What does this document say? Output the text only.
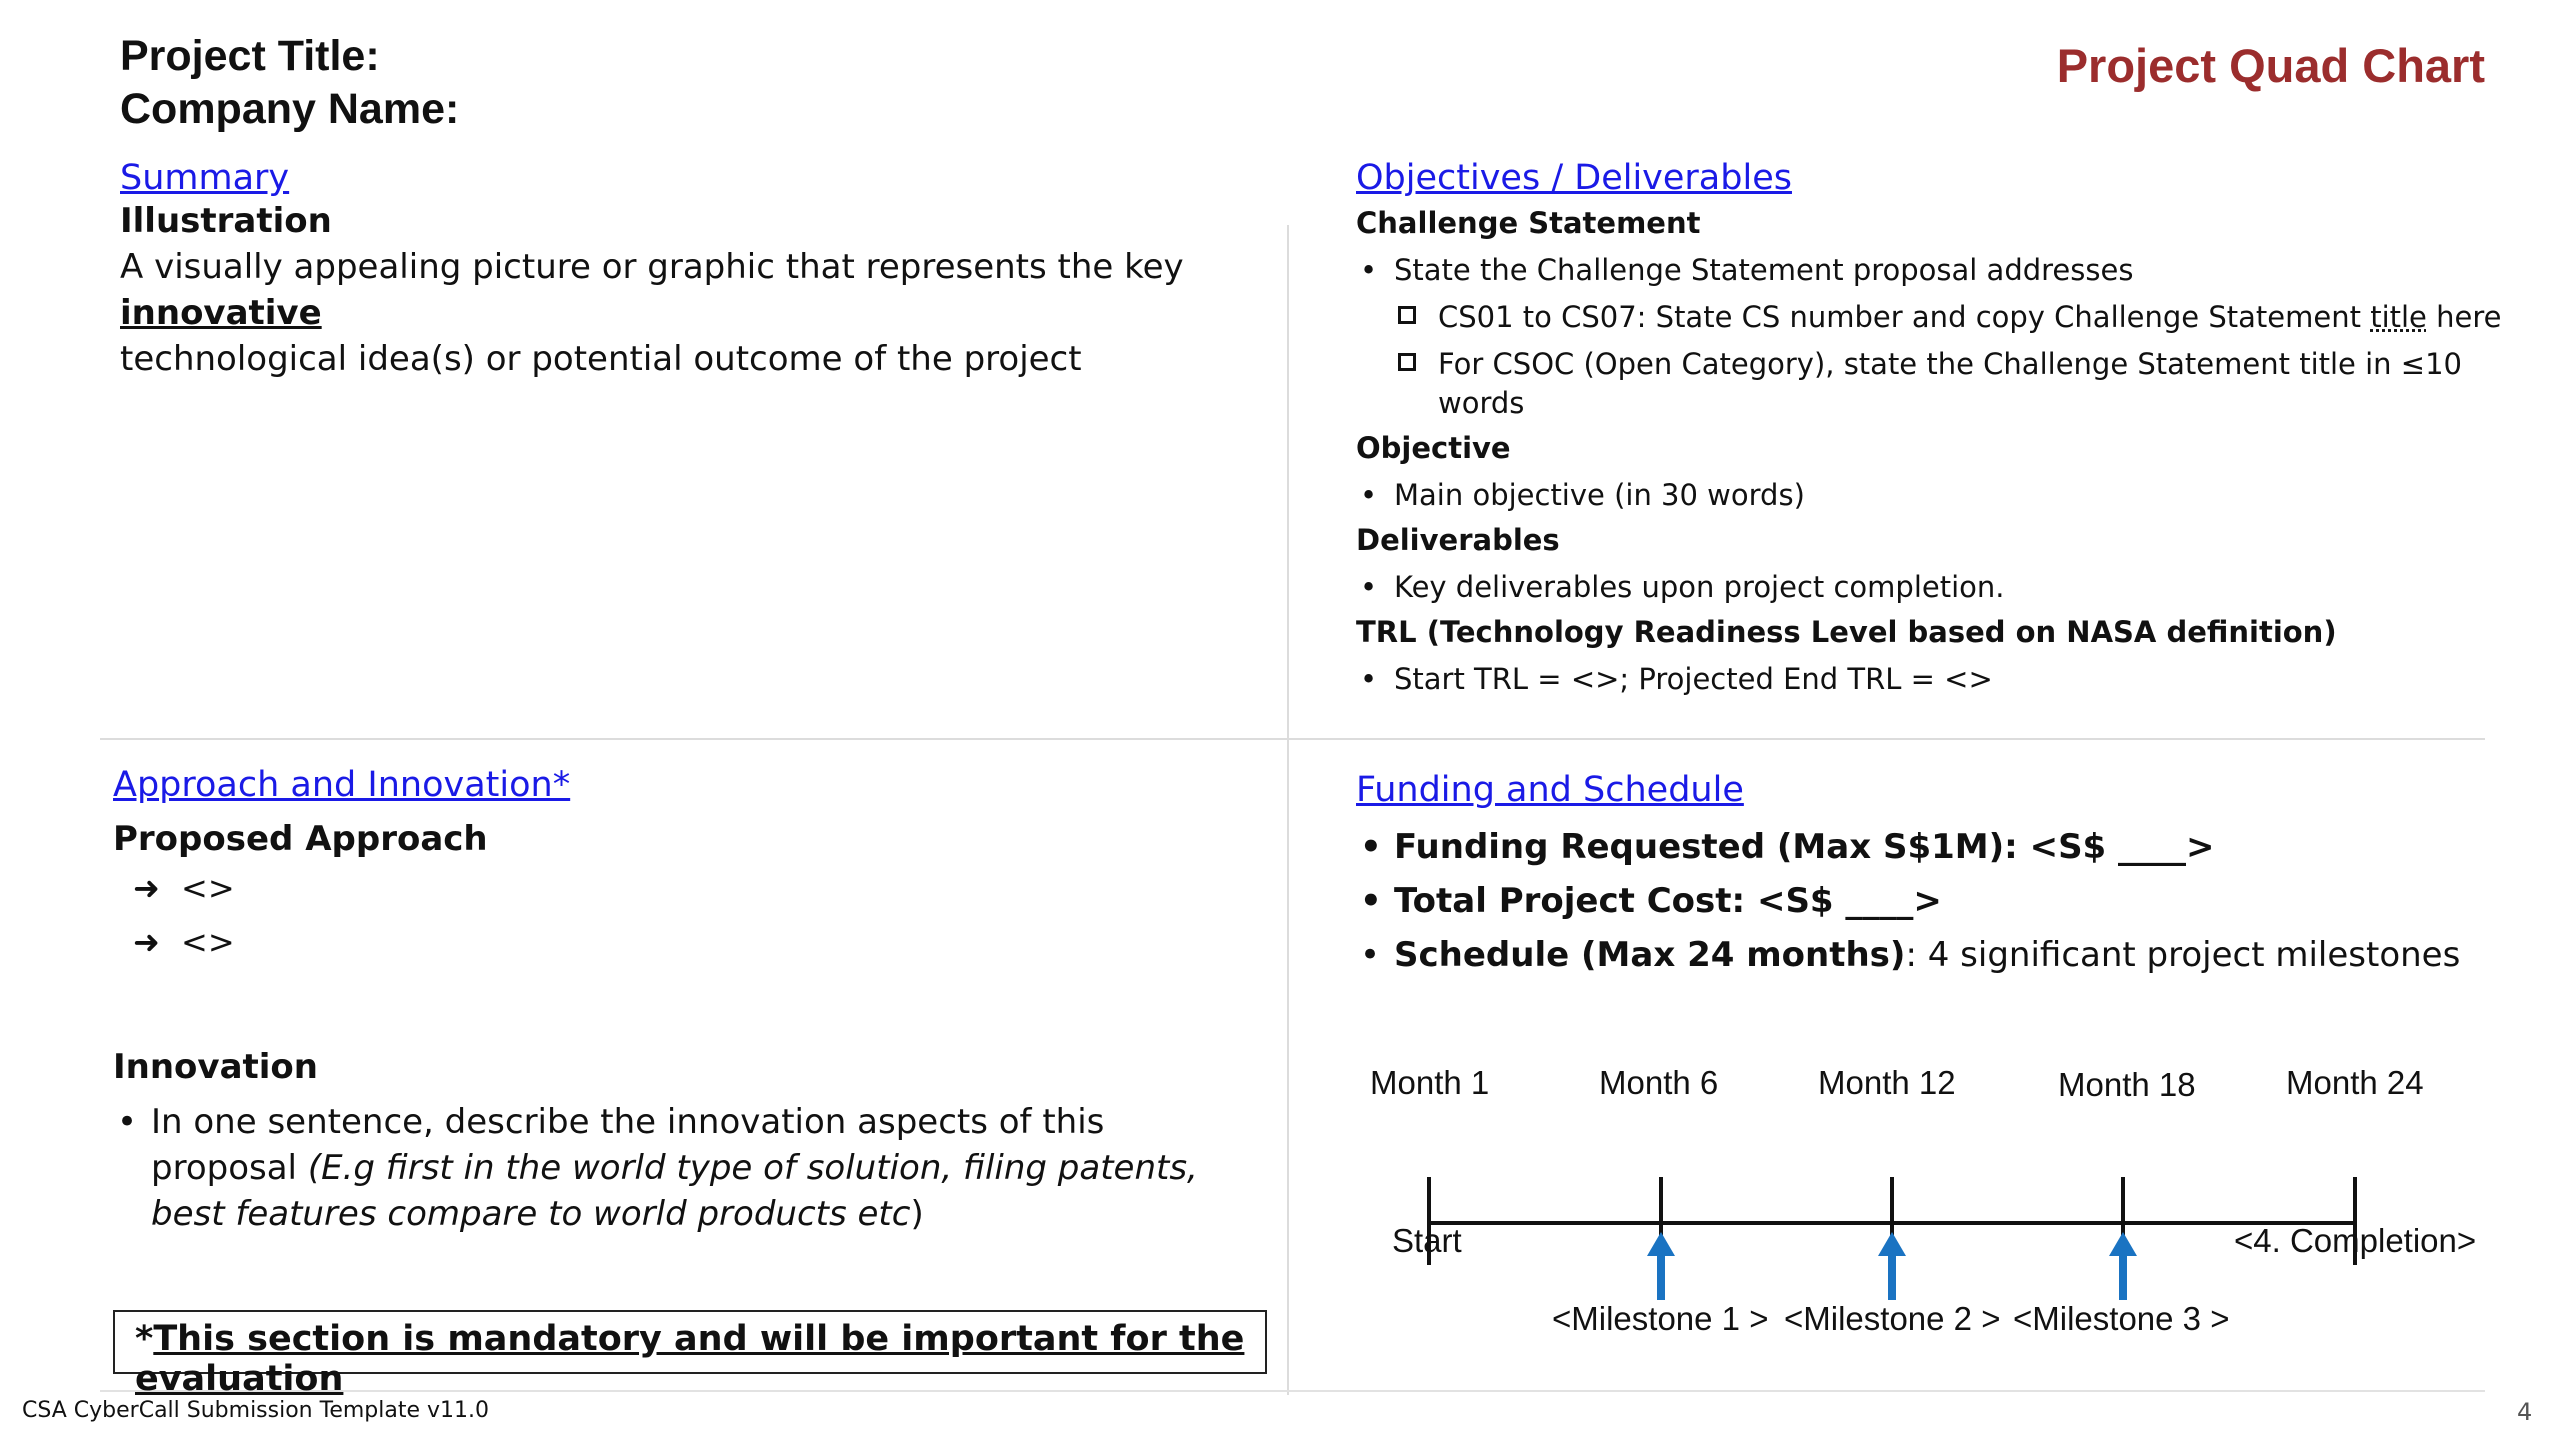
Project Title:
Company Name:
Project Quad Chart
Summary
Illustration
A visually appealing picture or graphic that represents the key innovative
technological idea(s) or potential outcome of the project
Objectives / Deliverables
Challenge Statement
• State the Challenge Statement proposal addresses
CS01 to CS07: State CS number and copy Challenge Statement title here
For CSOC (Open Category), state the Challenge Statement title in ≤10
words
Objective
• Main objective (in 30 words)
Deliverables
• Key deliverables upon project completion.
TRL (Technology Readiness Level based on NASA definition)
• Start TRL = <>; Projected End TRL = <>
Approach and Innovation*
Proposed Approach
➜ <>
➜ <>
Innovation
• In one sentence, describe the innovation aspects of this
proposal (E.g first in the world type of solution, filing patents,
best features compare to world products etc)
*This section is mandatory and will be important for the evaluation
Funding and Schedule
• Funding Requested (Max S$1M): <S$ ____>
• Total Project Cost: <S$ ____>
• Schedule (Max 24 months): 4 significant project milestones
Month 1	Month 6	Month 12	Month 18	Month 24
Start	<4. Completion>
<Milestone 1 > <Milestone 2 > <Milestone 3 >
CSA CyberCall Submission Template v11.0	4
